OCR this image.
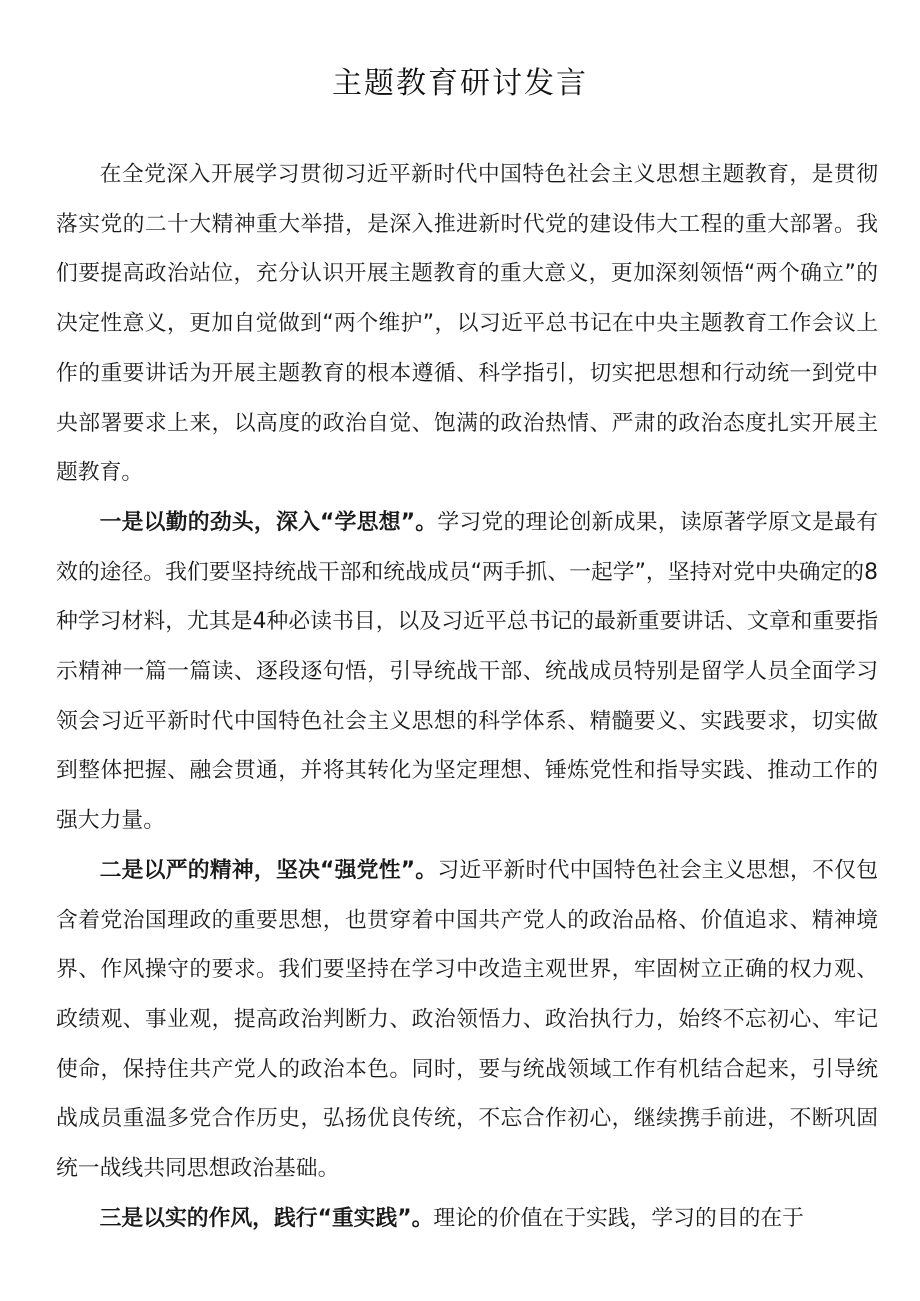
主题教育研讨发言

在全党深入开展学习贯彻习近平新时代中国特色社会主义思想主题教育，是贯彻落实党的二十大精神重大举措，是深入推进新时代党的建设伟大工程的重大部署。我们要提高政治站位，充分认识开展主题教育的重大意义，更加深刻领悟“两个确立”的决定性意义，更加自觉做到“两个维护”，以习近平总书记在中央主题教育工作会议上作的重要讲话为开展主题教育的根本遵循、科学指引，切实把思想和行动统一到党中央部署要求上来，以高度的政治自觉、饱满的政治热情、严肃的政治态度扎实开展主题教育。

一是以勤的劲头，深入“学思想”。学习党的理论创新成果，读原著学原文是最有效的途径。我们要坚持统战干部和统战成员“两手抓、一起学”，坚持对党中央确定的8种学习材料，尤其是4种必读书目，以及习近平总书记的最新重要讲话、文章和重要指示精神一篇一篇读、逐段逐句悟，引导统战干部、统战成员特别是留学人员全面学习领会习近平新时代中国特色社会主义思想的科学体系、精髓要义、实践要求，切实做到整体把握、融会贯通，并将其转化为坚定理想、锤炼党性和指导实践、推动工作的强大力量。

二是以严的精神，坚决“强党性”。习近平新时代中国特色社会主义思想，不仅包含着党治国理政的重要思想，也贯穿着中国共产党人的政治品格、价值追求、精神境界、作风操守的要求。我们要坚持在学习中改造主观世界，牢固树立正确的权力观、政绩观、事业观，提高政治判断力、政治领悟力、政治执行力，始终不忘初心、牢记使命，保持住共产党人的政治本色。同时，要与统战领域工作有机结合起来，引导统战成员重温多党合作历史，弘扬优良传统，不忘合作初心，继续携手前进，不断巩固统一战线共同思想政治基础。

三是以实的作风，践行“重实践”。理论的价值在于实践，学习的目的在于
